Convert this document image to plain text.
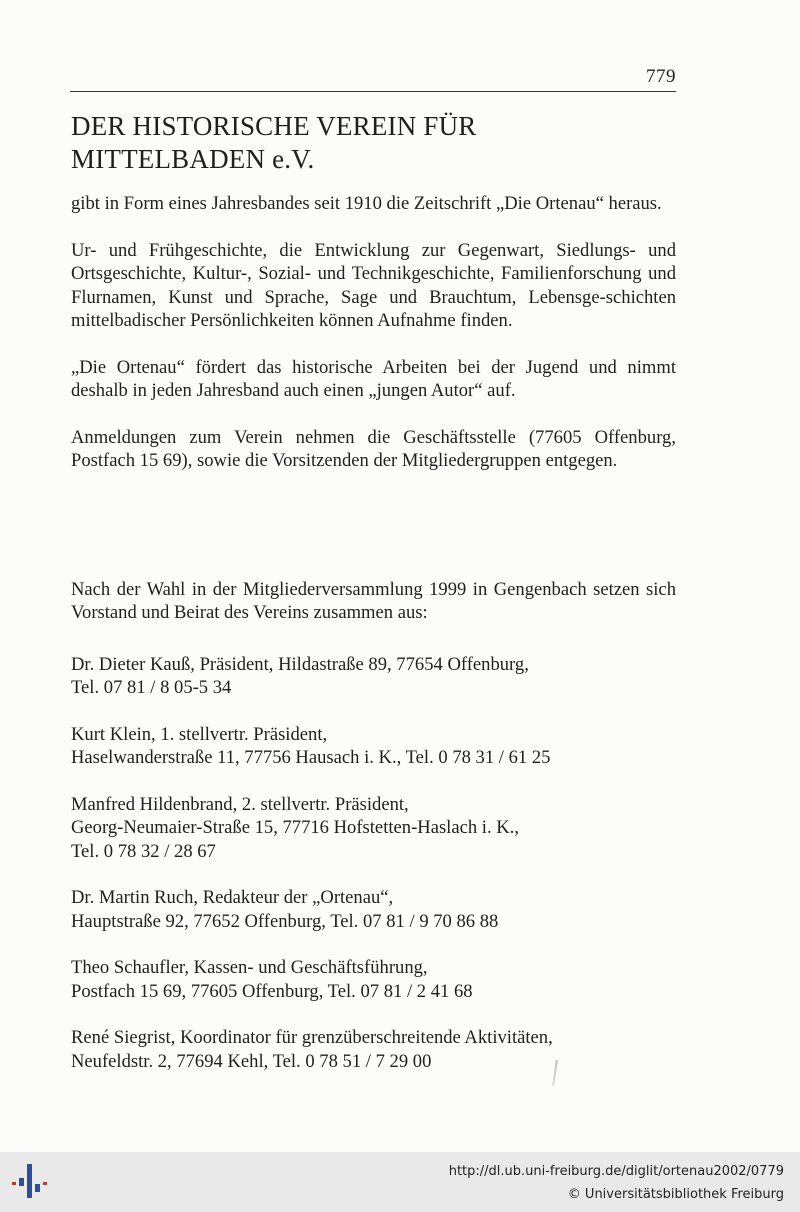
779
DER HISTORISCHE VEREIN FÜR
MITTELBADEN e.V.

gibt in Form eines Jahresbandes seit 1910 die Zeitschrift „Die Ortenau“ heraus.

Ur- und Frühgeschichte, die Entwicklung zur Gegenwart, Siedlungs- und Ortsgeschichte, Kultur-, Sozial- und Technikgeschichte, Familienforschung und Flurnamen, Kunst und Sprache, Sage und Brauchtum, Lebensge-schichten mittelbadischer Persönlichkeiten können Aufnahme finden.

„Die Ortenau“ fördert das historische Arbeiten bei der Jugend und nimmt deshalb in jeden Jahresband auch einen „jungen Autor“ auf.

Anmeldungen zum Verein nehmen die Geschäftsstelle (77605 Offenburg, Postfach 15 69), sowie die Vorsitzenden der Mitgliedergruppen entgegen.

Nach der Wahl in der Mitgliederversammlung 1999 in Gengenbach setzen sich Vorstand und Beirat des Vereins zusammen aus:

Dr. Dieter Kauß, Präsident, Hildastraße 89, 77654 Offenburg,
Tel. 07 81 / 8 05-5 34
Kurt Klein, 1. stellvertr. Präsident,
Haselwanderstraße 11, 77756 Hausach i. K., Tel. 0 78 31 / 61 25
Manfred Hildenbrand, 2. stellvertr. Präsident,
Georg-Neumaier-Straße 15, 77716 Hofstetten-Haslach i. K.,
Tel. 0 78 32 / 28 67
Dr. Martin Ruch, Redakteur der „Ortenau“,
Hauptstraße 92, 77652 Offenburg, Tel. 07 81 / 9 70 86 88
Theo Schaufler, Kassen- und Geschäftsführung,
Postfach 15 69, 77605 Offenburg, Tel. 07 81 / 2 41 68
René Siegrist, Koordinator für grenzüberschreitende Aktivitäten,
Neufeldstr. 2, 77694 Kehl, Tel. 0 78 51 / 7 29 00
http://dl.ub.uni-freiburg.de/diglit/ortenau2002/0779
© Universitätsbibliothek Freiburg
